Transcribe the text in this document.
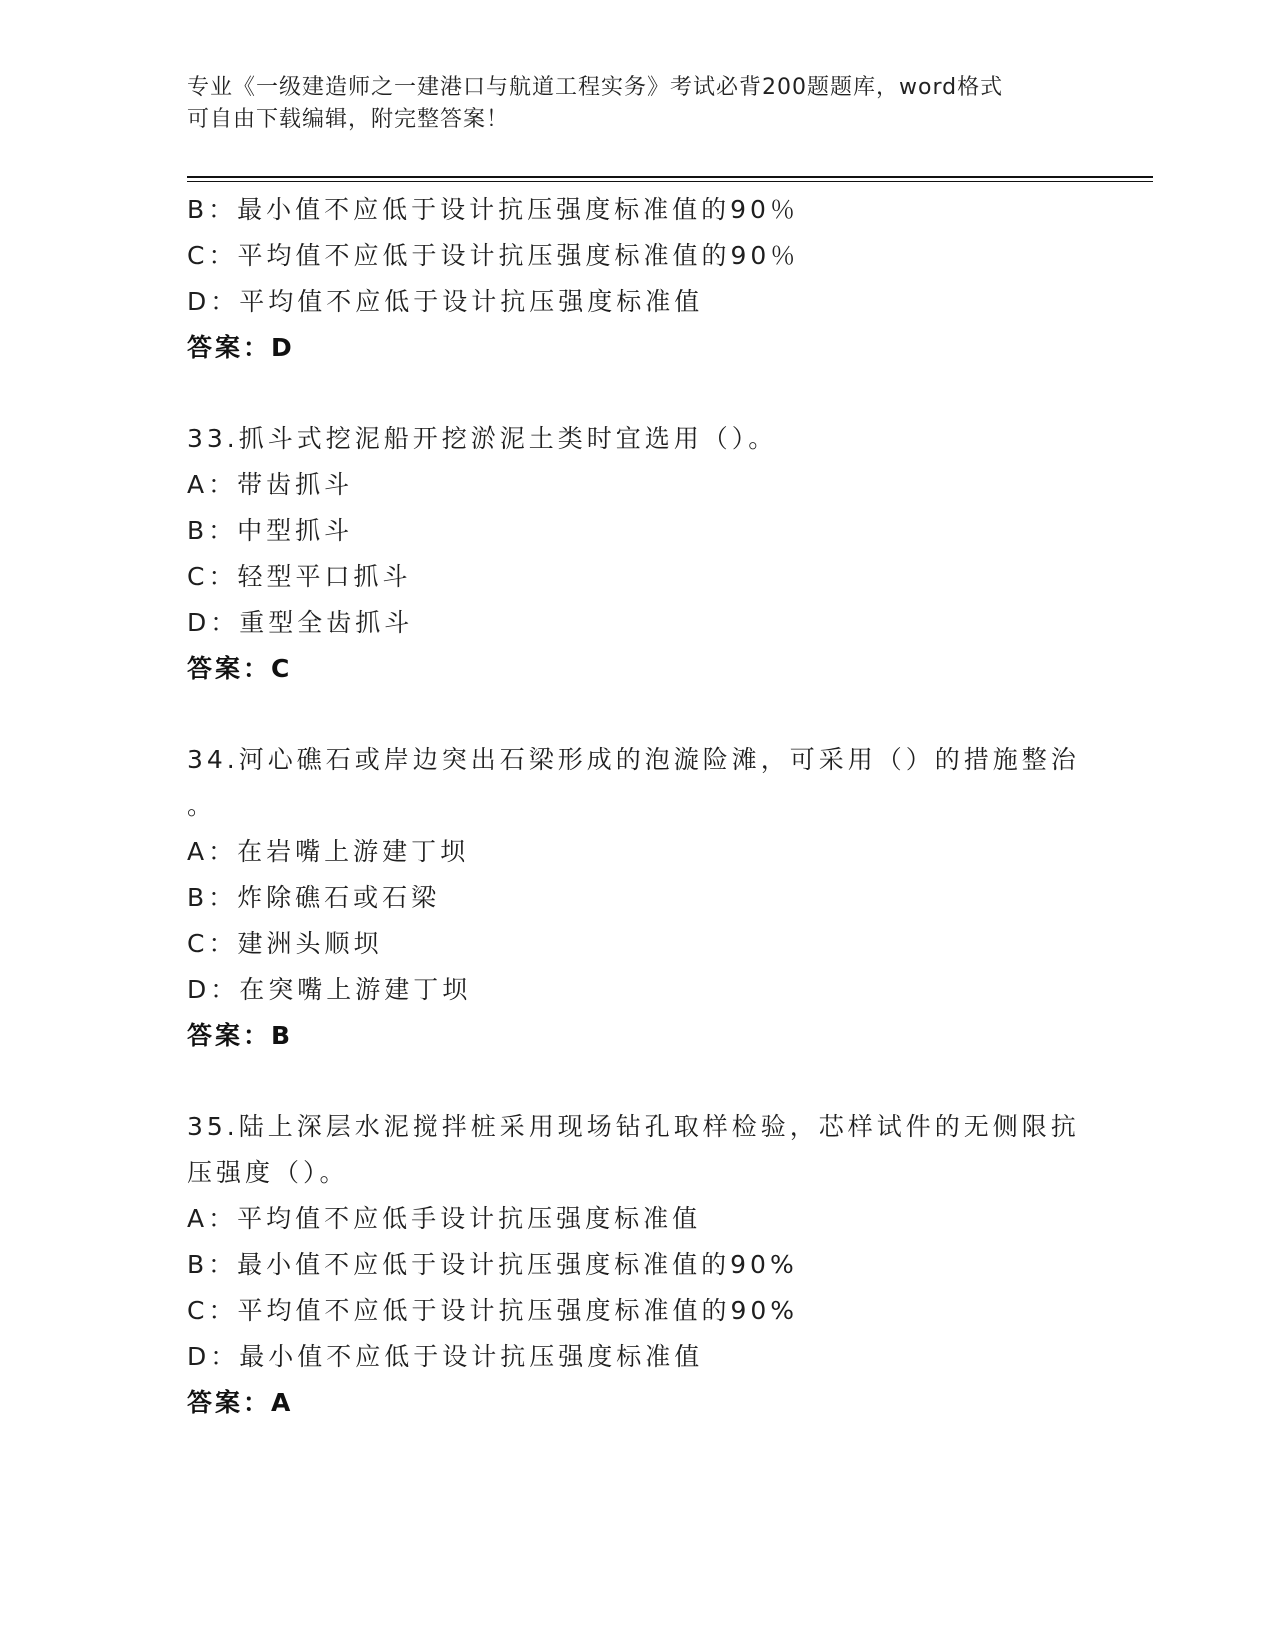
专业《一级建造师之一建港口与航道工程实务》考试必背200题题库，word格式
可自由下载编辑，附完整答案！
B：最小值不应低于设计抗压强度标准值的90％
C：平均值不应低于设计抗压强度标准值的90％
D：平均值不应低于设计抗压强度标准值
答案：D
33.抓斗式挖泥船开挖淤泥土类时宜选用（）。
A：带齿抓斗
B：中型抓斗
C：轻型平口抓斗
D：重型全齿抓斗
答案：C
34.河心礁石或岸边突出石梁形成的泡漩险滩，可采用（）的措施整治
。
A：在岩嘴上游建丁坝
B：炸除礁石或石梁
C：建洲头顺坝
D：在突嘴上游建丁坝
答案：B
35.陆上深层水泥搅拌桩采用现场钻孔取样检验，芯样试件的无侧限抗
压强度（）。
A：平均值不应低手设计抗压强度标准值
B：最小值不应低于设计抗压强度标准值的90%
C：平均值不应低于设计抗压强度标准值的90%
D：最小值不应低于设计抗压强度标准值
答案：A
